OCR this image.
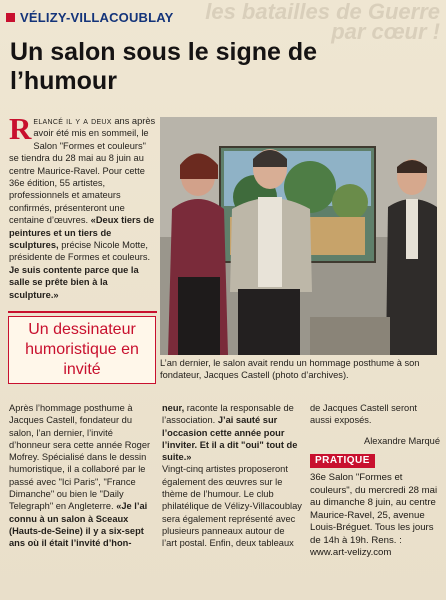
les batailles de Guerre par cœur !
VÉLIZY-VILLACOUBLAY
Un salon sous le signe de l’humour
Relancé il y a deux ans après avoir été mis en sommeil, le Salon "Formes et couleurs" se tiendra du 28 mai au 8 juin au centre Maurice-Ravel. Pour cette 36e édition, 55 artistes, professionnels et amateurs confirmés, présenteront une centaine d’œuvres. «Deux tiers de peintures et un tiers de sculptures, précise Nicole Motte, présidente de Formes et couleurs. Je suis contente parce que la salle se prête bien à la sculpture.»
L’an dernier, le salon avait rendu un hommage posthume à son fondateur, Jacques Castell (photo d’archives).
Un dessinateur humoristique en invité
Après l’hommage posthume à Jacques Castell, fondateur du salon, l’an dernier, l’invité d’honneur sera cette année Roger Mofrey. Spécialisé dans le dessin humoristique, il a collaboré par le passé avec "Ici Paris", "France Dimanche" ou bien le "Daily Telegraph" en Angleterre. «Je l’ai connu à un salon à Sceaux (Hauts-de-Seine) il y a six-sept ans où il était l’invité d’hon-
neur, raconte la responsable de l’association. J’ai sauté sur l’occasion cette année pour l’inviter. Et il a dit "oui" tout de suite.»
Vingt-cinq artistes proposeront également des œuvres sur le thème de l’humour. Le club philatélique de Vélizy-Villacoublay sera également représenté avec plusieurs panneaux autour de l’art postal. Enfin, deux tableaux
de Jacques Castell seront aussi exposés.
Alexandre Marqué
PRATIQUE
36e Salon "Formes et couleurs", du mercredi 28 mai au dimanche 8 juin, au centre Maurice-Ravel, 25, avenue Louis-Bréguet. Tous les jours de 14h à 19h. Rens. : www.art-velizy.com
